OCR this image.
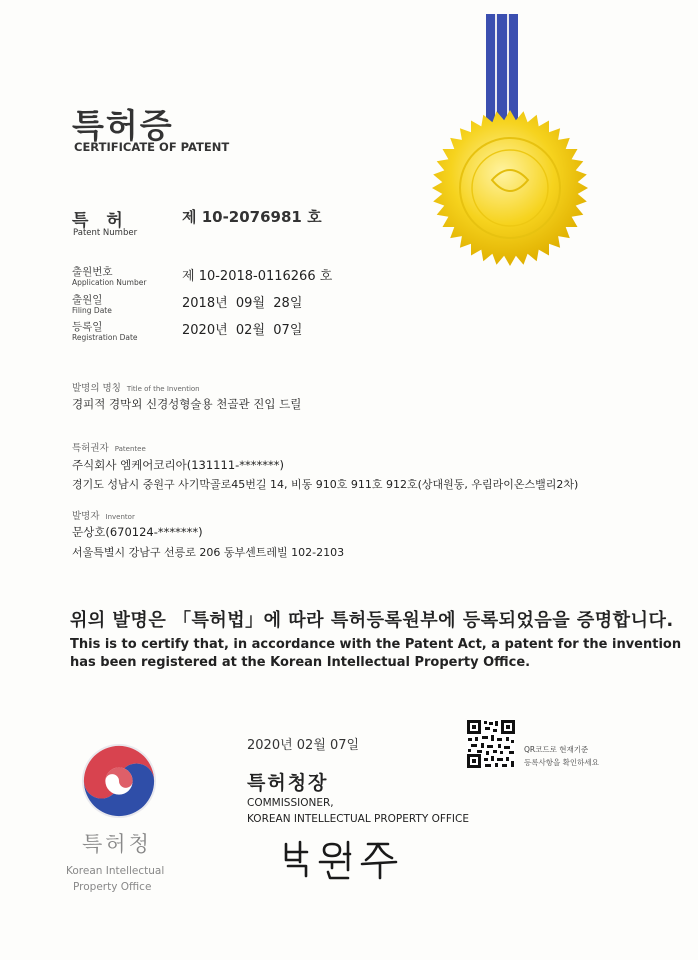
특허증
CERTIFICATE OF PATENT
특 허
Patent Number
제 10-2076981 호
출원번호
Application Number	제 10-2018-0116266 호
출원일
Filing Date	2018년  09월  28일
등록일
Registration Date	2020년  02월  07일
발명의 명칭 Title of the Invention
경피적 경막외 신경성형술용 천골관 진입 드릴
특허권자 Patentee
주식회사 엠케어코리아(131111-*******)
경기도 성남시 중원구 사기막골로45번길 14, 비동 910호 911호 912호(상대원동, 우림라이온스밸리2차)
발명자 Inventor
문상호(670124-*******)
서울특별시 강남구 선릉로 206 동부센트레빌 102-2103
위의 발명은 「특허법」에 따라 특허등록원부에 등록되었음을 증명합니다.
This is to certify that, in accordance with the Patent Act, a patent for the invention
has been registered at the Korean Intellectual Property Office.
2020년 02월 07일	QR코드로 현재기준
등록사항을 확인하세요
특허청장
COMMISSIONER,
KOREAN INTELLECTUAL PROPERTY OFFICE
특허청
Korean Intellectual
Property Office
